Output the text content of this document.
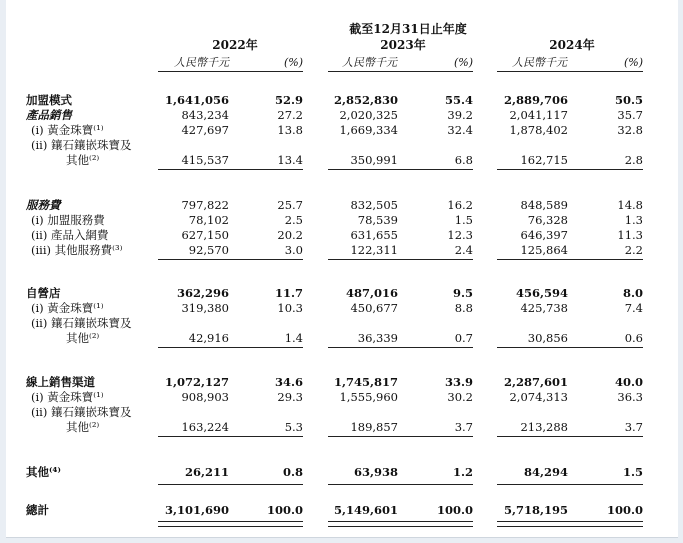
截至12月31日止年度
2022年	2023年	2024年
人民幣千元	(%)	人民幣千元	(%)	人民幣千元	(%)
加盟模式	1,641,056	52.9	2,852,830	55.4	2,889,706	50.5
產品銷售	843,234	27.2	2,020,325	39.2	2,041,117	35.7
(i) 黃金珠寶⁽¹⁾	427,697	13.8	1,669,334	32.4	1,878,402	32.8
(ii) 鑲石鑲嵌珠寶及
其他⁽²⁾	415,537	13.4	350,991	6.8	162,715	2.8
服務費	797,822	25.7	832,505	16.2	848,589	14.8
(i) 加盟服務費	78,102	2.5	78,539	1.5	76,328	1.3
(ii) 產品入網費	627,150	20.2	631,655	12.3	646,397	11.3
(iii) 其他服務費⁽³⁾	92,570	3.0	122,311	2.4	125,864	2.2
自營店	362,296	11.7	487,016	9.5	456,594	8.0
(i) 黃金珠寶⁽¹⁾	319,380	10.3	450,677	8.8	425,738	7.4
(ii) 鑲石鑲嵌珠寶及
其他⁽²⁾	42,916	1.4	36,339	0.7	30,856	0.6
線上銷售渠道	1,072,127	34.6	1,745,817	33.9	2,287,601	40.0
(i) 黃金珠寶⁽¹⁾	908,903	29.3	1,555,960	30.2	2,074,313	36.3
(ii) 鑲石鑲嵌珠寶及
其他⁽²⁾	163,224	5.3	189,857	3.7	213,288	3.7
其他⁽⁴⁾	26,211	0.8	63,938	1.2	84,294	1.5
總計	3,101,690	100.0	5,149,601	100.0	5,718,195	100.0
